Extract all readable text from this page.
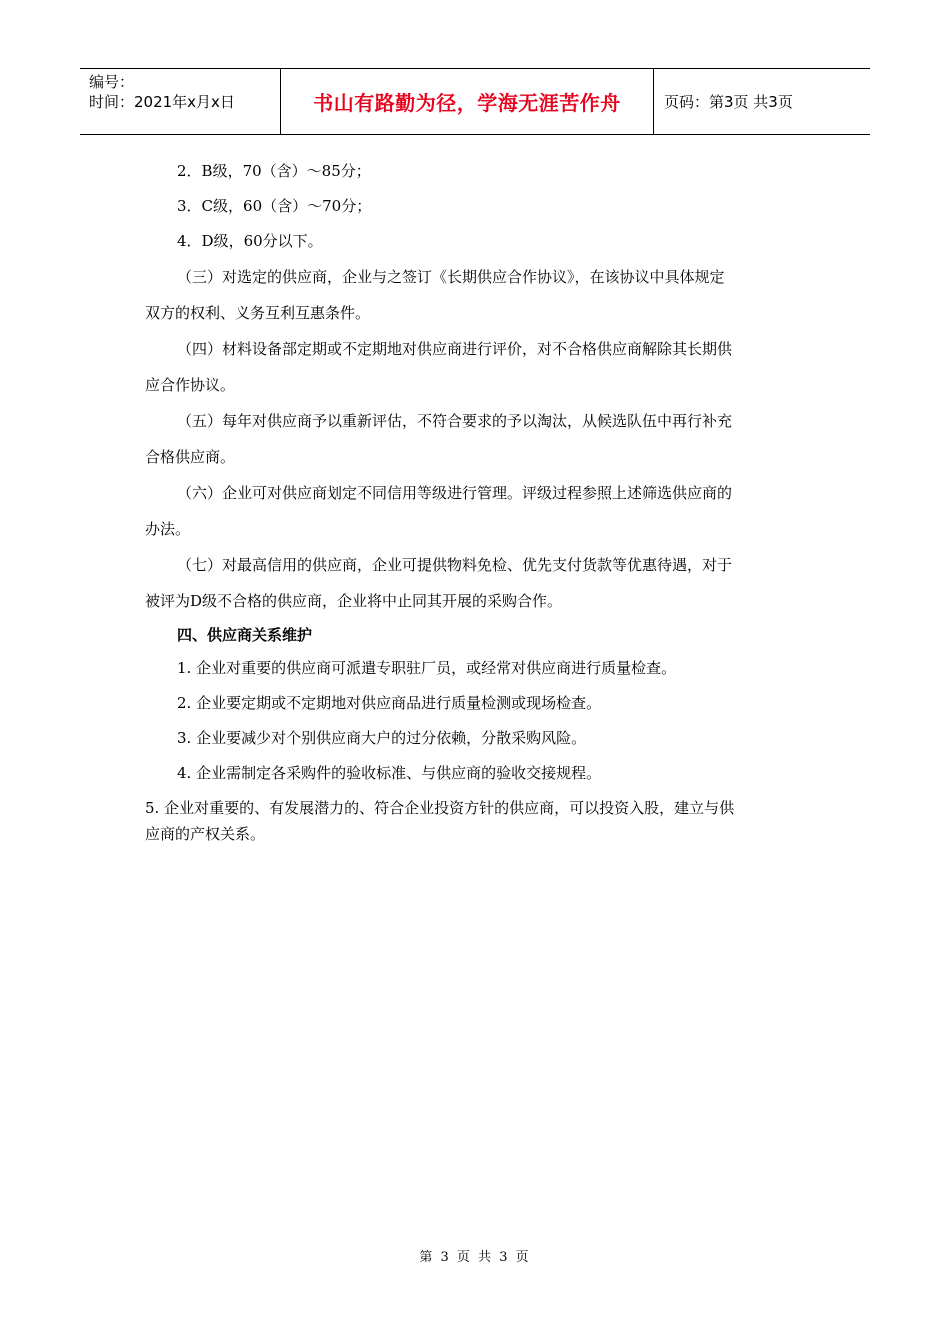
编号：
时间：2021年x月x日	书山有路勤为径，学海无涯苦作舟	页码：第3页 共3页
2．B级，70（含）～85分；
3．C级，60（含）～70分；
4．D级，60分以下。
（三）对选定的供应商，企业与之签订《长期供应合作协议》，在该协议中具体规定
双方的权利、义务互利互惠条件。
（四）材料设备部定期或不定期地对供应商进行评价，对不合格供应商解除其长期供
应合作协议。
（五）每年对供应商予以重新评估，不符合要求的予以淘汰，从候选队伍中再行补充
合格供应商。
（六）企业可对供应商划定不同信用等级进行管理。评级过程参照上述筛选供应商的
办法。
（七）对最高信用的供应商，企业可提供物料免检、优先支付货款等优惠待遇，对于
被评为D级不合格的供应商，企业将中止同其开展的采购合作。
四、供应商关系维护
1. 企业对重要的供应商可派遣专职驻厂员，或经常对供应商进行质量检查。
2. 企业要定期或不定期地对供应商品进行质量检测或现场检查。
3. 企业要减少对个别供应商大户的过分依赖，分散采购风险。
4. 企业需制定各采购件的验收标准、与供应商的验收交接规程。
5. 企业对重要的、有发展潜力的、符合企业投资方针的供应商，可以投资入股，建立与供
应商的产权关系。
第 3 页 共 3 页
